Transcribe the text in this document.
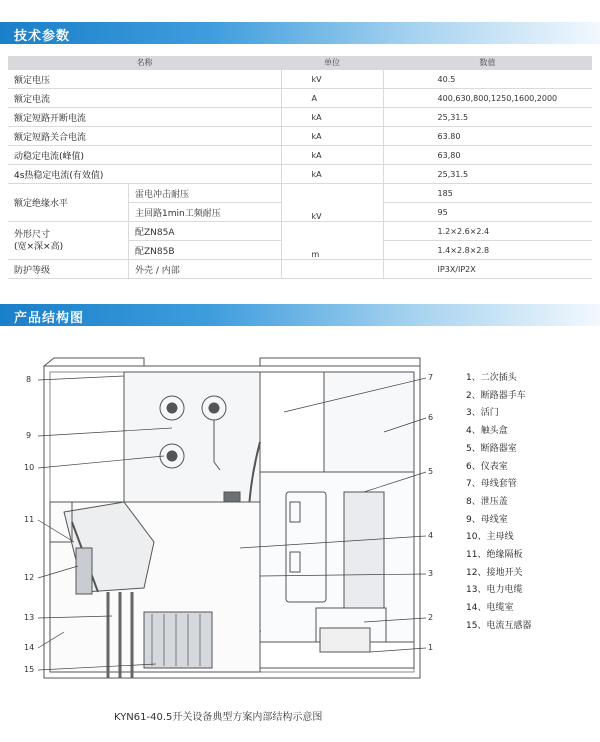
技术参数
名称		单位	数值
额定电压		kV	40.5
额定电流		A	400,630,800,1250,1600,2000
额定短路开断电流		kA	25,31.5
额定短路关合电流		kA	63.80
动稳定电流(峰值)		kA	63,80
4s热稳定电流(有效值)		kA	25,31.5
额定绝缘水平	雷电冲击耐压	kV	185
	主回路1min工频耐压		95
外形尺寸
(宽×深×高)	配ZN85A	m	1.2×2.6×2.4
	配ZN85B		1.4×2.8×2.8
防护等级	外壳 / 内部		IP3X/IP2X
产品结构图
8
9
10
11
12
13
14
15
7
6
5
4
3
2
1
KYN61-40.5开关设备典型方案内部结构示意图
1、二次插头
2、断路器手车
3、活门
4、触头盒
5、断路器室
6、仪表室
7、母线套管
8、泄压盖
9、母线室
10、主母线
11、绝缘隔板
12、接地开关
13、电力电缆
14、电缆室
15、电流互感器
